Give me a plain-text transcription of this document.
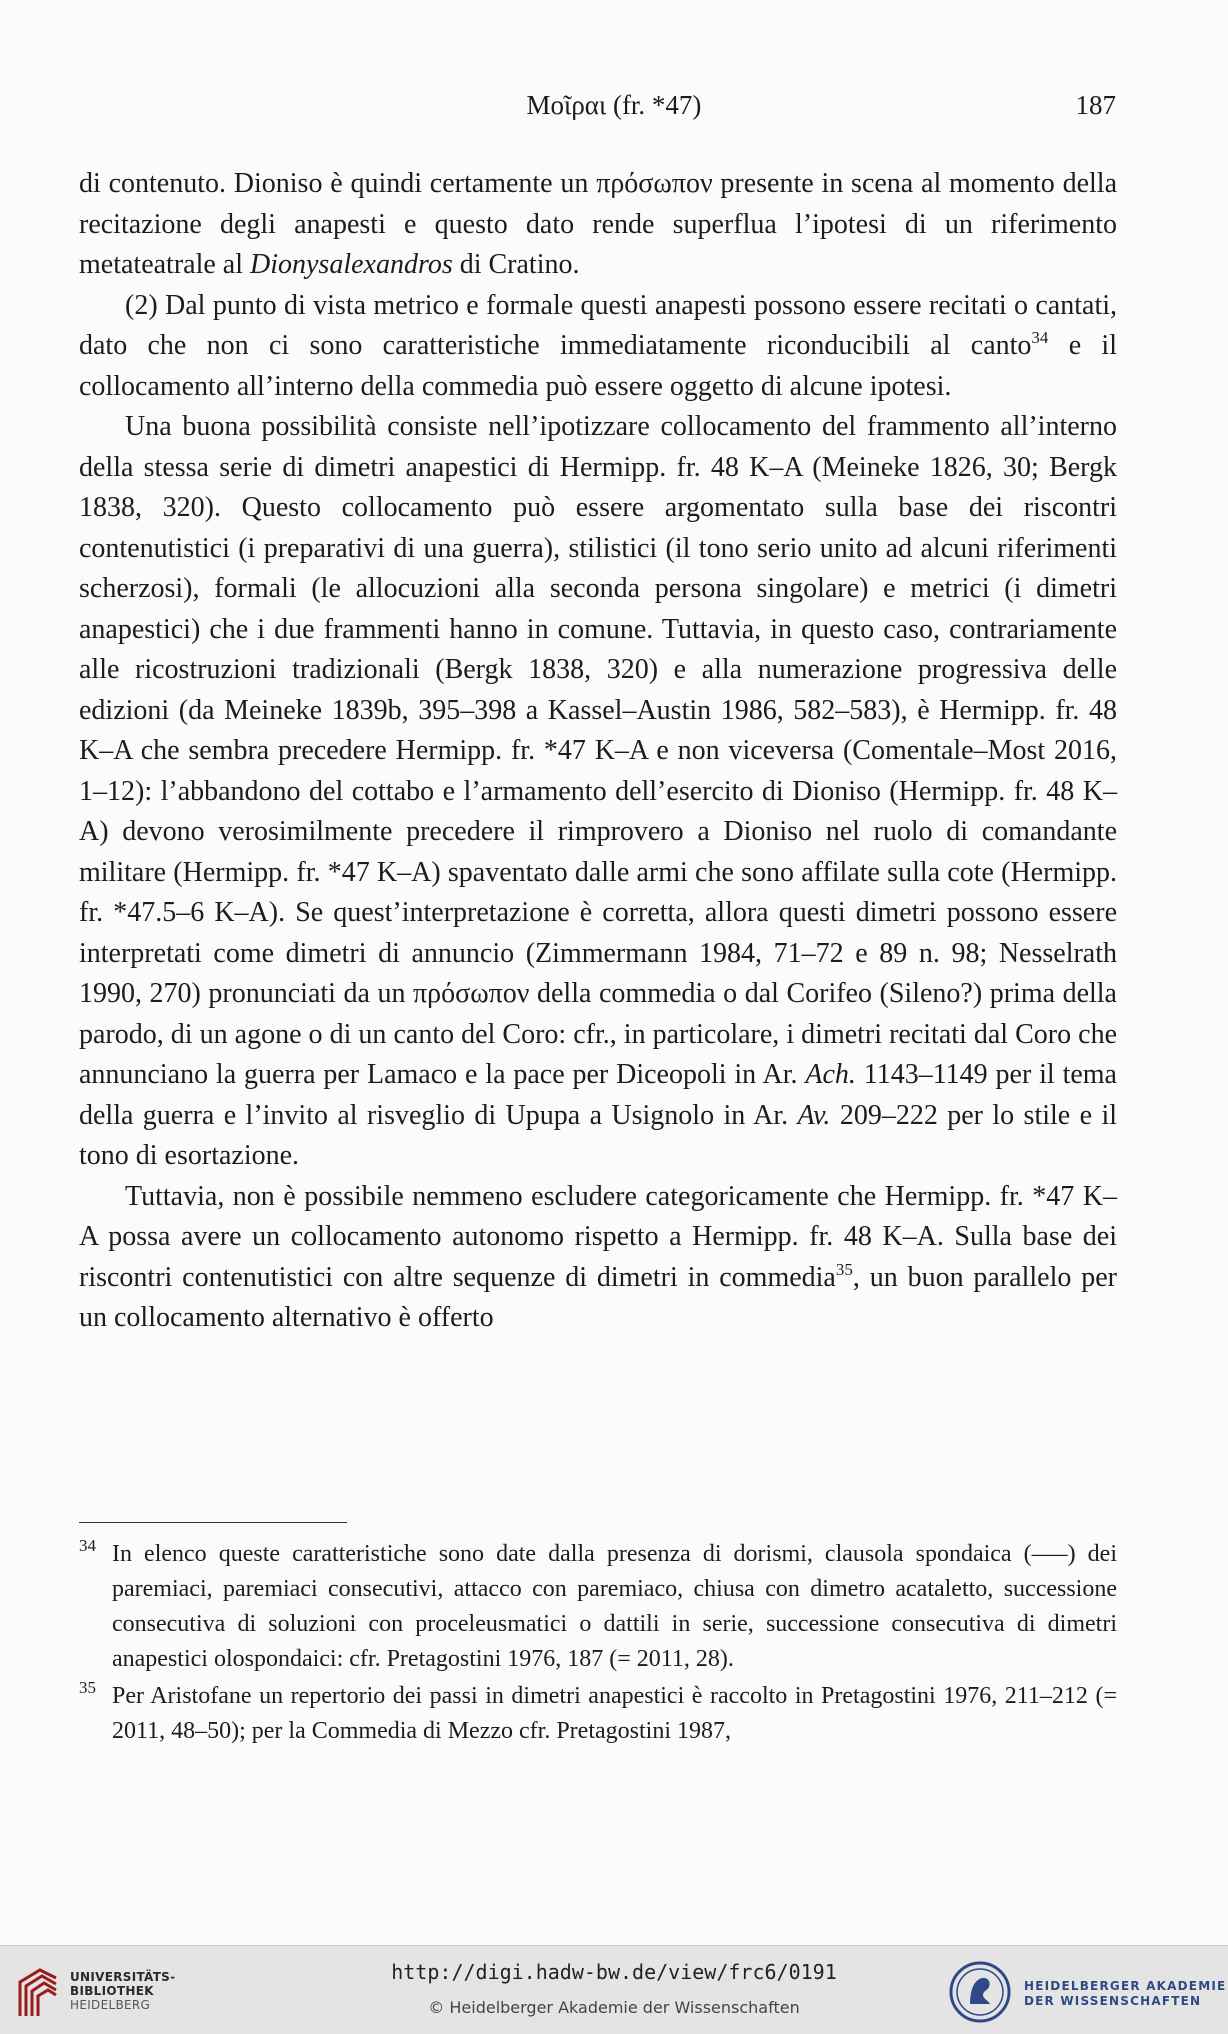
Μοῖραι (fr. *47)	187

di contenuto. Dioniso è quindi certamente un πρόσωπον presente in scena al momento della recitazione degli anapesti e questo dato rende superflua l’ipotesi di un riferimento metateatrale al Dionysalexandros di Cratino.

(2) Dal punto di vista metrico e formale questi anapesti possono essere recitati o cantati, dato che non ci sono caratteristiche immediatamente riconducibili al canto$^{34}$ e il collocamento all’interno della commedia può essere oggetto di alcune ipotesi.

Una buona possibilità consiste nell’ipotizzare collocamento del frammento all’interno della stessa serie di dimetri anapestici di Hermipp. fr. 48 K–A (Meineke 1826, 30; Bergk 1838, 320). Questo collocamento può essere argomentato sulla base dei riscontri contenutistici (i preparativi di una guerra), stilistici (il tono serio unito ad alcuni riferimenti scherzosi), formali (le allocuzioni alla seconda persona singolare) e metrici (i dimetri anapestici) che i due frammenti hanno in comune. Tuttavia, in questo caso, contrariamente alle ricostruzioni tradizionali (Bergk 1838, 320) e alla numerazione progressiva delle edizioni (da Meineke 1839b, 395–398 a Kassel–Austin 1986, 582–583), è Hermipp. fr. 48 K–A che sembra precedere Hermipp. fr. *47 K–A e non viceversa (Comentale–Most 2016, 1–12): l’abbandono del cottabo e l’armamento dell’esercito di Dioniso (Hermipp. fr. 48 K–A) devono verosimilmente precedere il rimprovero a Dioniso nel ruolo di comandante militare (Hermipp. fr. *47 K–A) spaventato dalle armi che sono affilate sulla cote (Hermipp. fr. *47.5–6 K–A). Se quest’interpretazione è corretta, allora questi dimetri possono essere interpretati come dimetri di annuncio (Zimmermann 1984, 71–72 e 89 n. 98; Nesselrath 1990, 270) pronunciati da un πρόσωπον della commedia o dal Corifeo (Sileno?) prima della parodo, di un agone o di un canto del Coro: cfr., in particolare, i dimetri recitati dal Coro che annunciano la guerra per Lamaco e la pace per Diceopoli in Ar. Ach. 1143–1149 per il tema della guerra e l’invito al risveglio di Upupa a Usignolo in Ar. Av. 209–222 per lo stile e il tono di esortazione.

Tuttavia, non è possibile nemmeno escludere categoricamente che Hermipp. fr. *47 K–A possa avere un collocamento autonomo rispetto a Hermipp. fr. 48 K–A. Sulla base dei riscontri contenutistici con altre sequenze di dimetri in commedia$^{35}$, un buon parallelo per un collocamento alternativo è offerto

34 In elenco queste caratteristiche sono date dalla presenza di dorismi, clausola spondaica (‒‒‒) dei paremiaci, paremiaci consecutivi, attacco con paremiaco, chiusa con dimetro acataletto, successione consecutiva di soluzioni con proceleusmatici o dattili in serie, successione consecutiva di dimetri anapestici olospondaici: cfr. Pretagostini 1976, 187 (= 2011, 28).
35 Per Aristofane un repertorio dei passi in dimetri anapestici è raccolto in Pretagostini 1976, 211–212 (= 2011, 48–50); per la Commedia di Mezzo cfr. Pretagostini 1987,
UNIVERSITÄTS-
BIBLIOTHEK
HEIDELBERG
http://digi.hadw-bw.de/view/frc6/0191
© Heidelberger Akademie der Wissenschaften
HEIDELBERGER AKADEMIE
DER WISSENSCHAFTEN
